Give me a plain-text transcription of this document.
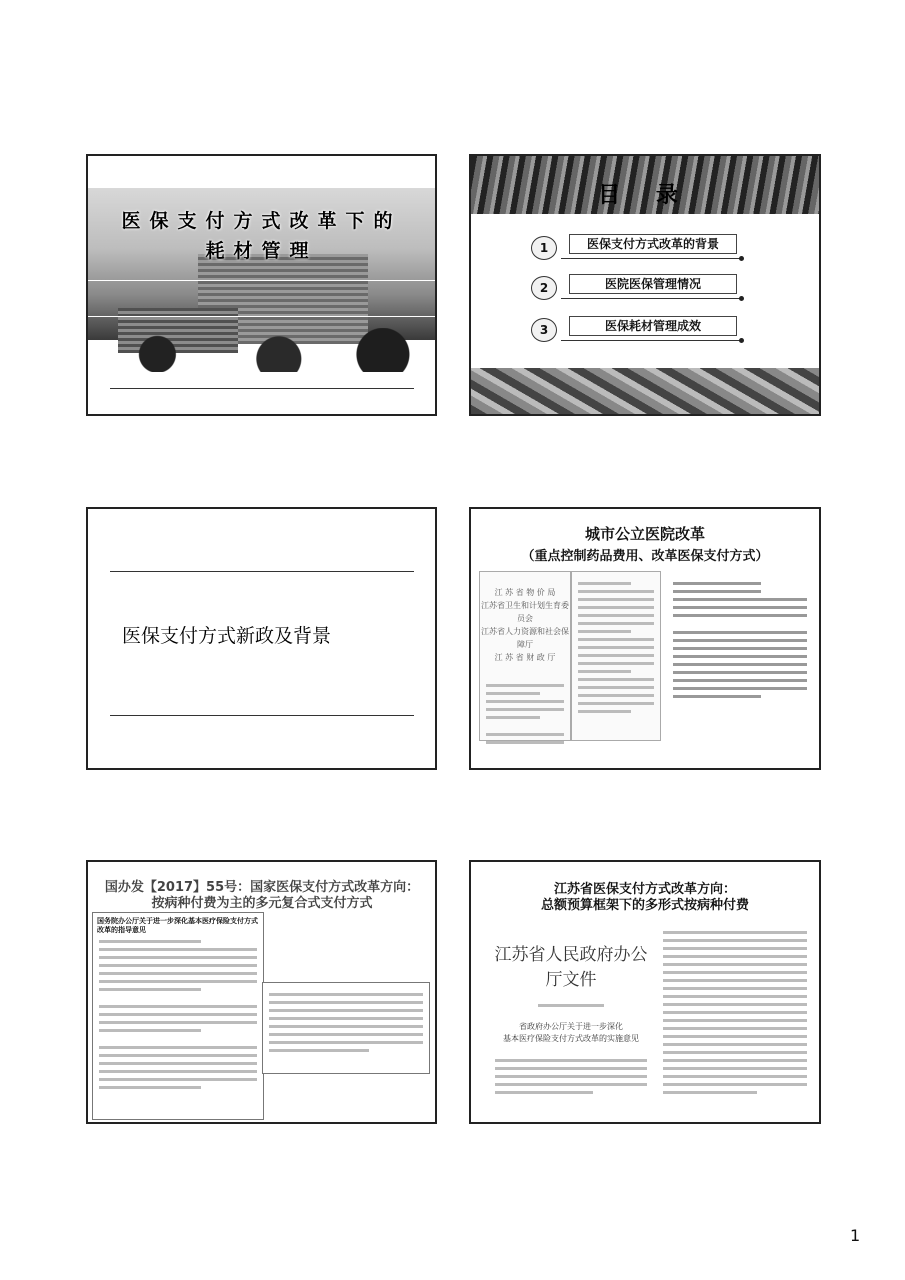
医保支付方式改革下的
耗材管理
目 录
1	医保支付方式改革的背景
2	医院医保管理情况
3	医保耗材管理成效
医保支付方式新政及背景
城市公立医院改革
（重点控制药品费用、改革医保支付方式）
江 苏 省 物 价 局
江苏省卫生和计划生育委员会
江苏省人力资源和社会保障厅
江 苏 省 财 政 厅
国办发【2017】55号：国家医保支付方式改革方向：
按病种付费为主的多元复合式支付方式
国务院办公厅关于进一步深化基本医疗保险支付方式改革的指导意见
江苏省医保支付方式改革方向：
总额预算框架下的多形式按病种付费
江苏省人民政府办公厅文件
省政府办公厅关于进一步深化
基本医疗保险支付方式改革的实施意见
1
